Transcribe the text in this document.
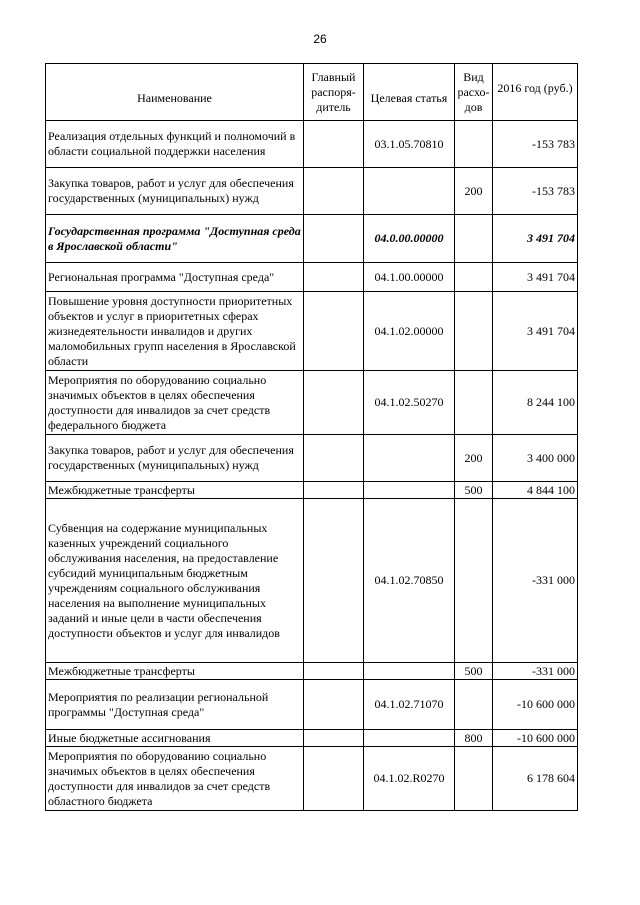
26
Наименование	Главный распоря-дитель	Целевая статья	Вид расхо-дов	2016 год (руб.)
Реализация отдельных функций и полномочий в области социальной поддержки населения		03.1.05.70810		-153 783
Закупка товаров, работ и услуг для обеспечения государственных (муниципальных) нужд			200	-153 783
Государственная программа "Доступная среда в Ярославской области"		04.0.00.00000		3 491 704
Региональная программа "Доступная среда"		04.1.00.00000		3 491 704
Повышение уровня доступности приоритетных объектов и услуг в приоритетных сферах жизнедеятельности инвалидов и других маломобильных групп населения в Ярославской области		04.1.02.00000		3 491 704
Мероприятия по оборудованию социально значимых объектов в целях обеспечения доступности для инвалидов за счет средств федерального бюджета		04.1.02.50270		8 244 100
Закупка товаров, работ и услуг для обеспечения государственных (муниципальных) нужд			200	3 400 000
Межбюджетные трансферты			500	4 844 100
Субвенция на содержание муниципальных казенных учреждений социального обслуживания населения, на предоставление субсидий муниципальным бюджетным учреждениям социального обслуживания населения на выполнение муниципальных заданий и иные цели в части обеспечения доступности объектов и услуг для инвалидов		04.1.02.70850		-331 000
Межбюджетные трансферты			500	-331 000
Мероприятия по реализации региональной программы "Доступная среда"		04.1.02.71070		-10 600 000
Иные бюджетные ассигнования			800	-10 600 000
Мероприятия по оборудованию социально значимых объектов в целях обеспечения доступности для инвалидов за счет средств областного бюджета		04.1.02.R0270		6 178 604
